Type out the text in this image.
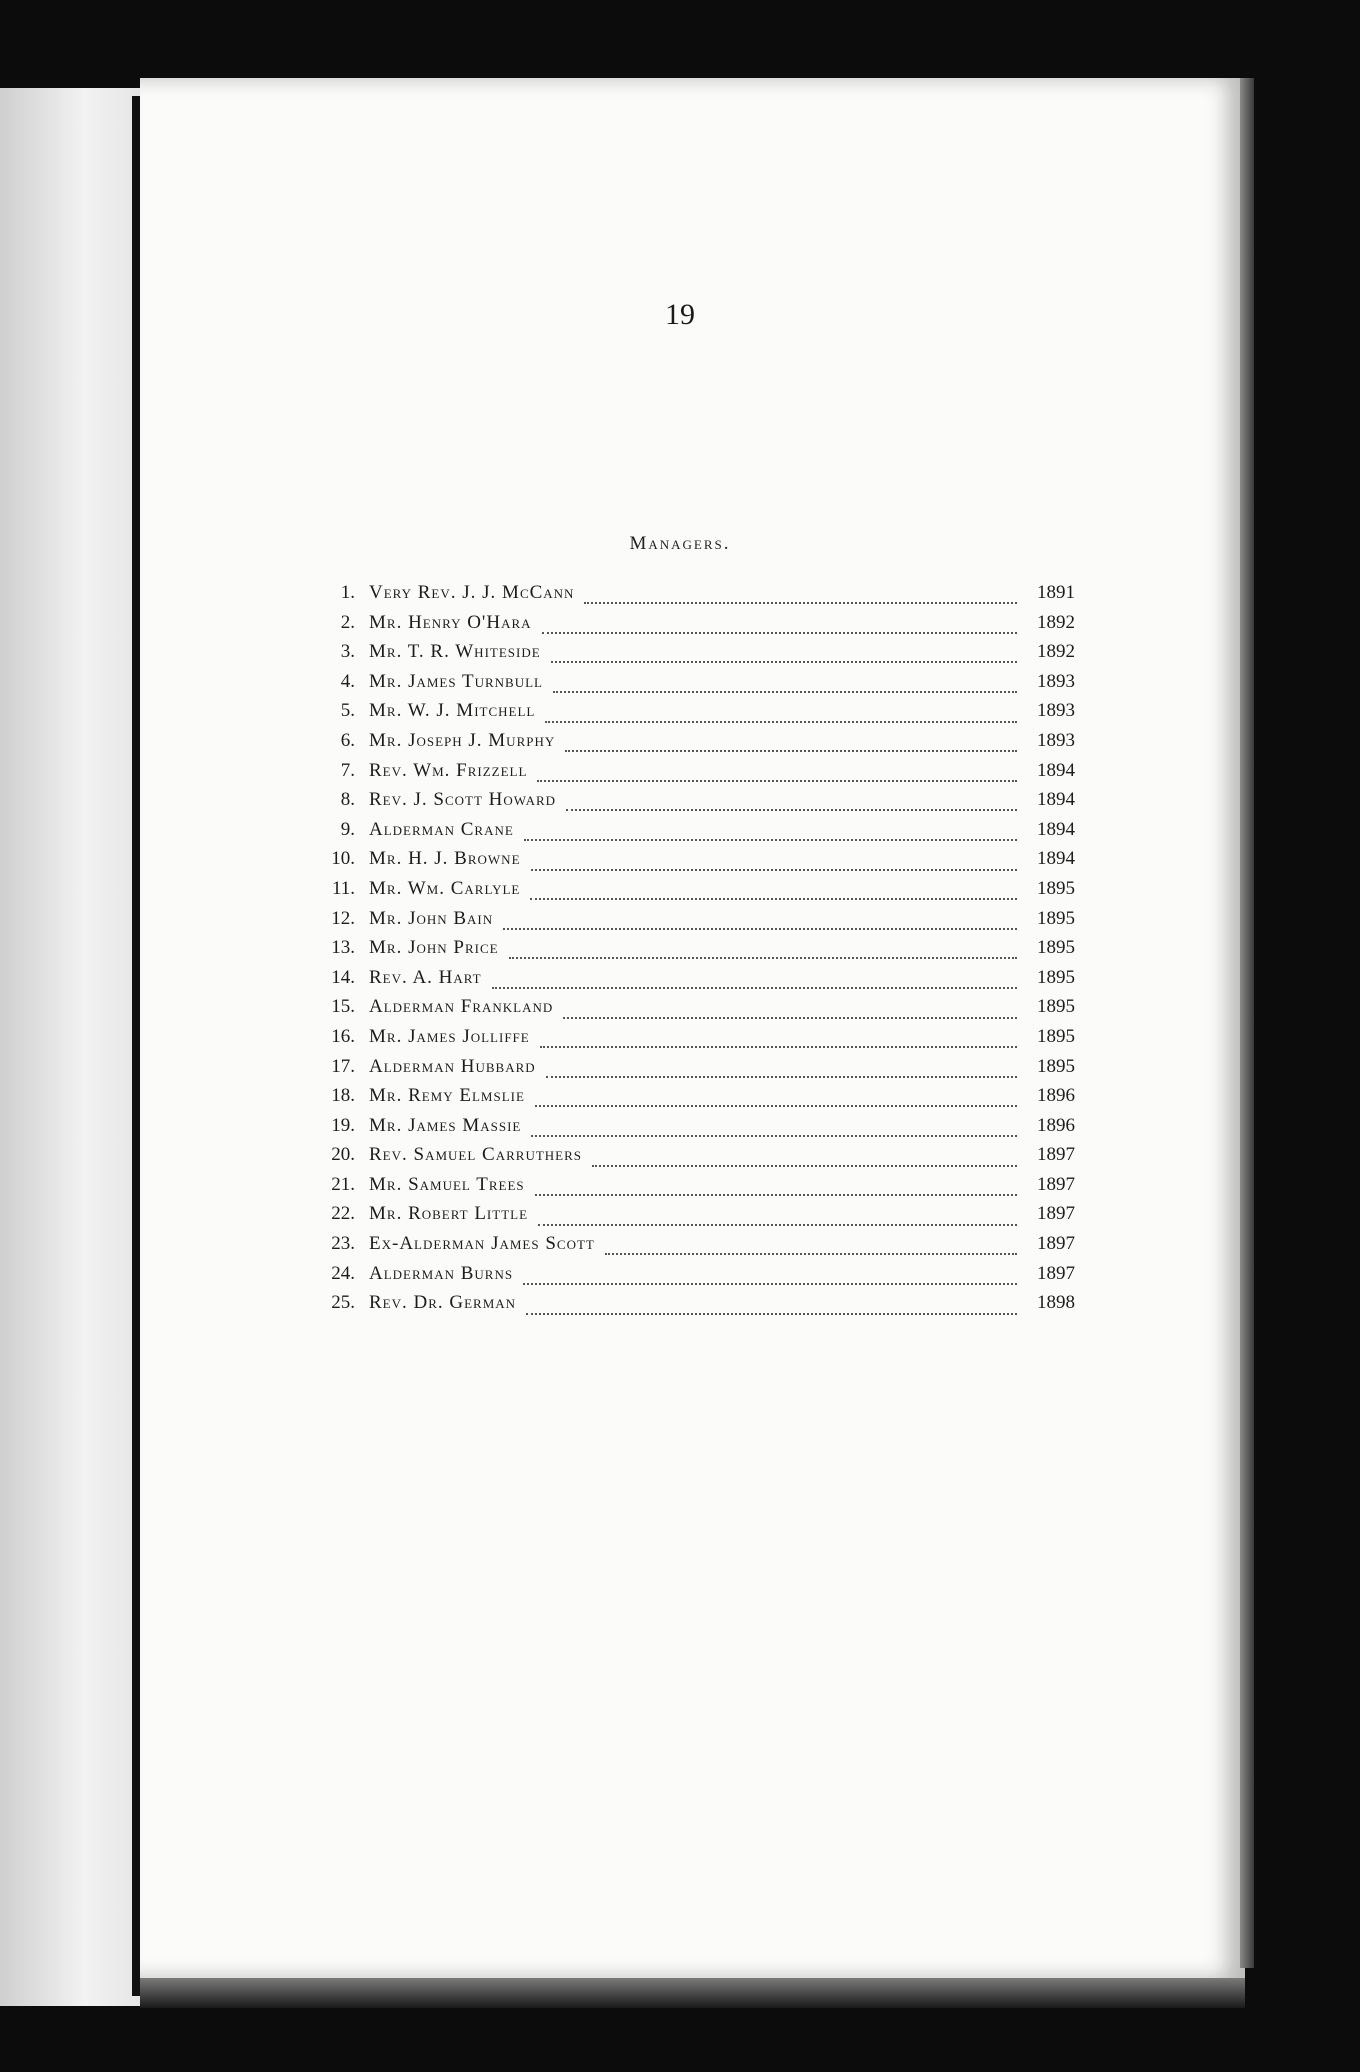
19
Managers.
1. Very Rev. J. J. McCann	1891
2. Mr. Henry O'Hara	1892
3. Mr. T. R. Whiteside	1892
4. Mr. James Turnbull	1893
5. Mr. W. J. Mitchell	1893
6. Mr. Joseph J. Murphy	1893
7. Rev. Wm. Frizzell	1894
8. Rev. J. Scott Howard	1894
9. Alderman Crane	1894
10. Mr. H. J. Browne	1894
11. Mr. Wm. Carlyle	1895
12. Mr. John Bain	1895
13. Mr. John Price	1895
14. Rev. A. Hart	1895
15. Alderman Frankland	1895
16. Mr. James Jolliffe	1895
17. Alderman Hubbard	1895
18. Mr. Remy Elmslie	1896
19. Mr. James Massie	1896
20. Rev. Samuel Carruthers	1897
21. Mr. Samuel Trees	1897
22. Mr. Robert Little	1897
23. Ex-Alderman James Scott	1897
24. Alderman Burns	1897
25. Rev. Dr. German	1898
